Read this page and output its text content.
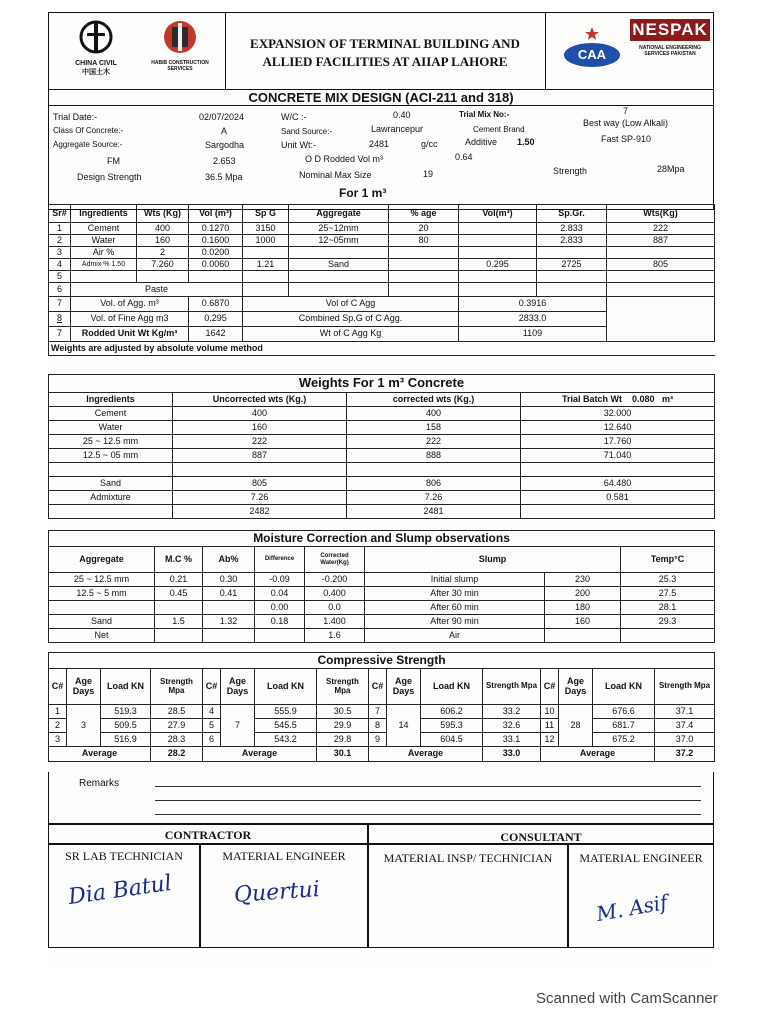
CHINA CIVIL
中国土木
HABIB CONSTRUCTION SERVICES
EXPANSION OF TERMINAL BUILDING AND
ALLIED FACILITIES AT AIIAP LAHORE	CAA
NESPAK
NATIONAL ENGINEERING SERVICES PAKISTAN
CONCRETE MIX DESIGN (ACI-211 and 318)
Trial Date:-	02/07/2024	W/C :-	0.40	Trial Mix No:-	7
Class Of Concrete:-	A	Sand Source:-	Lawrancepur	Cement Brand
Best way (Low Alkali)
Aggregate Source:-	Sargodha	Unit Wt:-	2481	g/cc	Additive 1.50	Fast SP-910
FM	2.653	O D Rodded Vol m³	0.64
Design Strength	36.5 Mpa	Nominal Max Size	19	Strength	28Mpa
For 1 m³
Sr#	Ingredients	Wts (Kg)	Vol (m³)	Sp G	Aggregate	% age	Vol(m³)	Sp.Gr.	Wts(Kg)
1	Cement	400	0.1270	3150	25~12mm	20		2.833	222
2	Water	160	0.1600	1000	12~05mm	80		2.833	887
3	Air %	2	0.0200						
4	Admix % 1.50	7.260	0.0060	1.21	Sand		0.295	2725	805
5									
6	Paste								
7	Vol. of Agg. m³		0.6870	Vol of C Agg			0.3916		
8	Vol. of Fine Agg m3		0.295	Combined Sp.G of C Agg.			2833.0		
7	Rodded Unit Wt Kg/m³		1642	Wt of C Agg Kg			1109		
Weights are adjusted by absolute volume method									
Weights For 1 m³ Concrete			
Ingredients	Uncorrected wts (Kg.)	corrected wts (Kg.)	Trial Batch Wt 0.080 m³
Cement	400	400	32.000
Water	160	158	12.640
25 ~ 12.5 mm	222	222	17.760
12.5 ~ 05 mm	887	888	71.040

Sand	805	806	64.480
Admixture	7.26	7.26	0.581
	2482	2481	
Moisture Correction and Slump observations							
Aggregate	M.C %	Ab%	Difference	Corrected Water(Kg)	Slump		Temp°C
25 ~ 12.5 mm	0.21	0.30	-0.09	-0.200	Initial slump	230	25.3
12.5 ~ 5 mm	0.45	0.41	0.04	0.400	After 30 min	200	27.5
			0.00	0.0	After 60 min	180	28.1
Sand	1.5	1.32	0.18	1.400	After 90 min	160	29.3
Net				1.6	Air		
Compressive Strength															
C#	Age Days	Load KN	Strength Mpa	C#	Age Days	Load KN	Strength Mpa	C#	Age Days	Load KN	Strength Mpa	C#	Age Days	Load KN	Strength Mpa
1	3	519.3	28.5	4	7	555.9	30.5	7	14	606.2	33.2	10	28	676.6	37.1
2		509.5	27.9	5		545.5	29.9	8		595.3	32.6	11		681.7	37.4
3		516.9	28.3	6		543.2	29.8	9		604.5	33.1	12		675.2	37.0
Average			28.2	Average			30.1	Average			33.0	Average			37.2
Remarks
CONTRACTOR	CONSULTANT
SR LAB TECHNICIAN	MATERIAL ENGINEER	MATERIAL INSP/ TECHNICIAN	MATERIAL ENGINEER
Dia Batul	Quertui	M. Asif
Scanned with CamScanner
